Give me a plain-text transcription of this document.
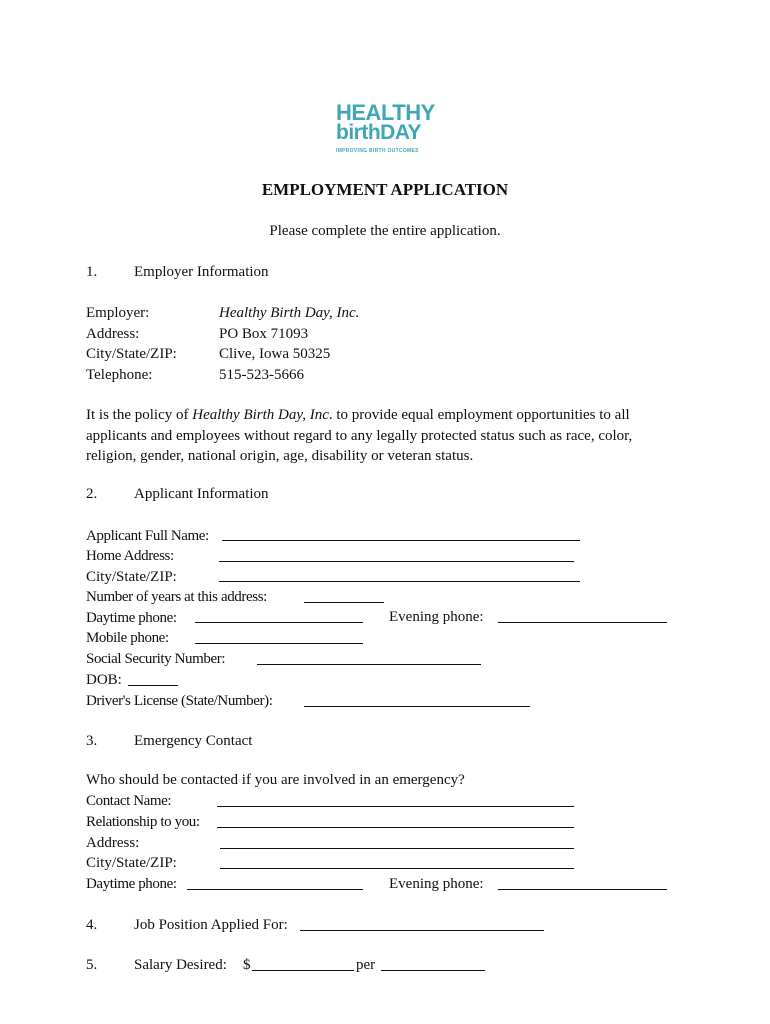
HEALTHY
birthDAY
IMPROVING BIRTH OUTCOMES
EMPLOYMENT APPLICATION
Please complete the entire application.
1. Employer Information
Employer:	Healthy Birth Day, Inc.
Address:	PO Box 71093
City/State/ZIP:	Clive, Iowa 50325
Telephone:	515-523-5666
It is the policy of Healthy Birth Day, Inc. to provide equal employment opportunities to all applicants and employees without regard to any legally protected status such as race, color, religion, gender, national origin, age, disability or veteran status.
2. Applicant Information
Applicant Full Name:
Home Address:
City/State/ZIP:
Number of years at this address:
Daytime phone:	Evening phone:
Mobile phone:
Social Security Number:
DOB:
Driver's License (State/Number):
3. Emergency Contact
Who should be contacted if you are involved in an emergency?
Contact Name:
Relationship to you:
Address:
City/State/ZIP:
Daytime phone:	Evening phone:
4. Job Position Applied For:
5. Salary Desired: $	per
